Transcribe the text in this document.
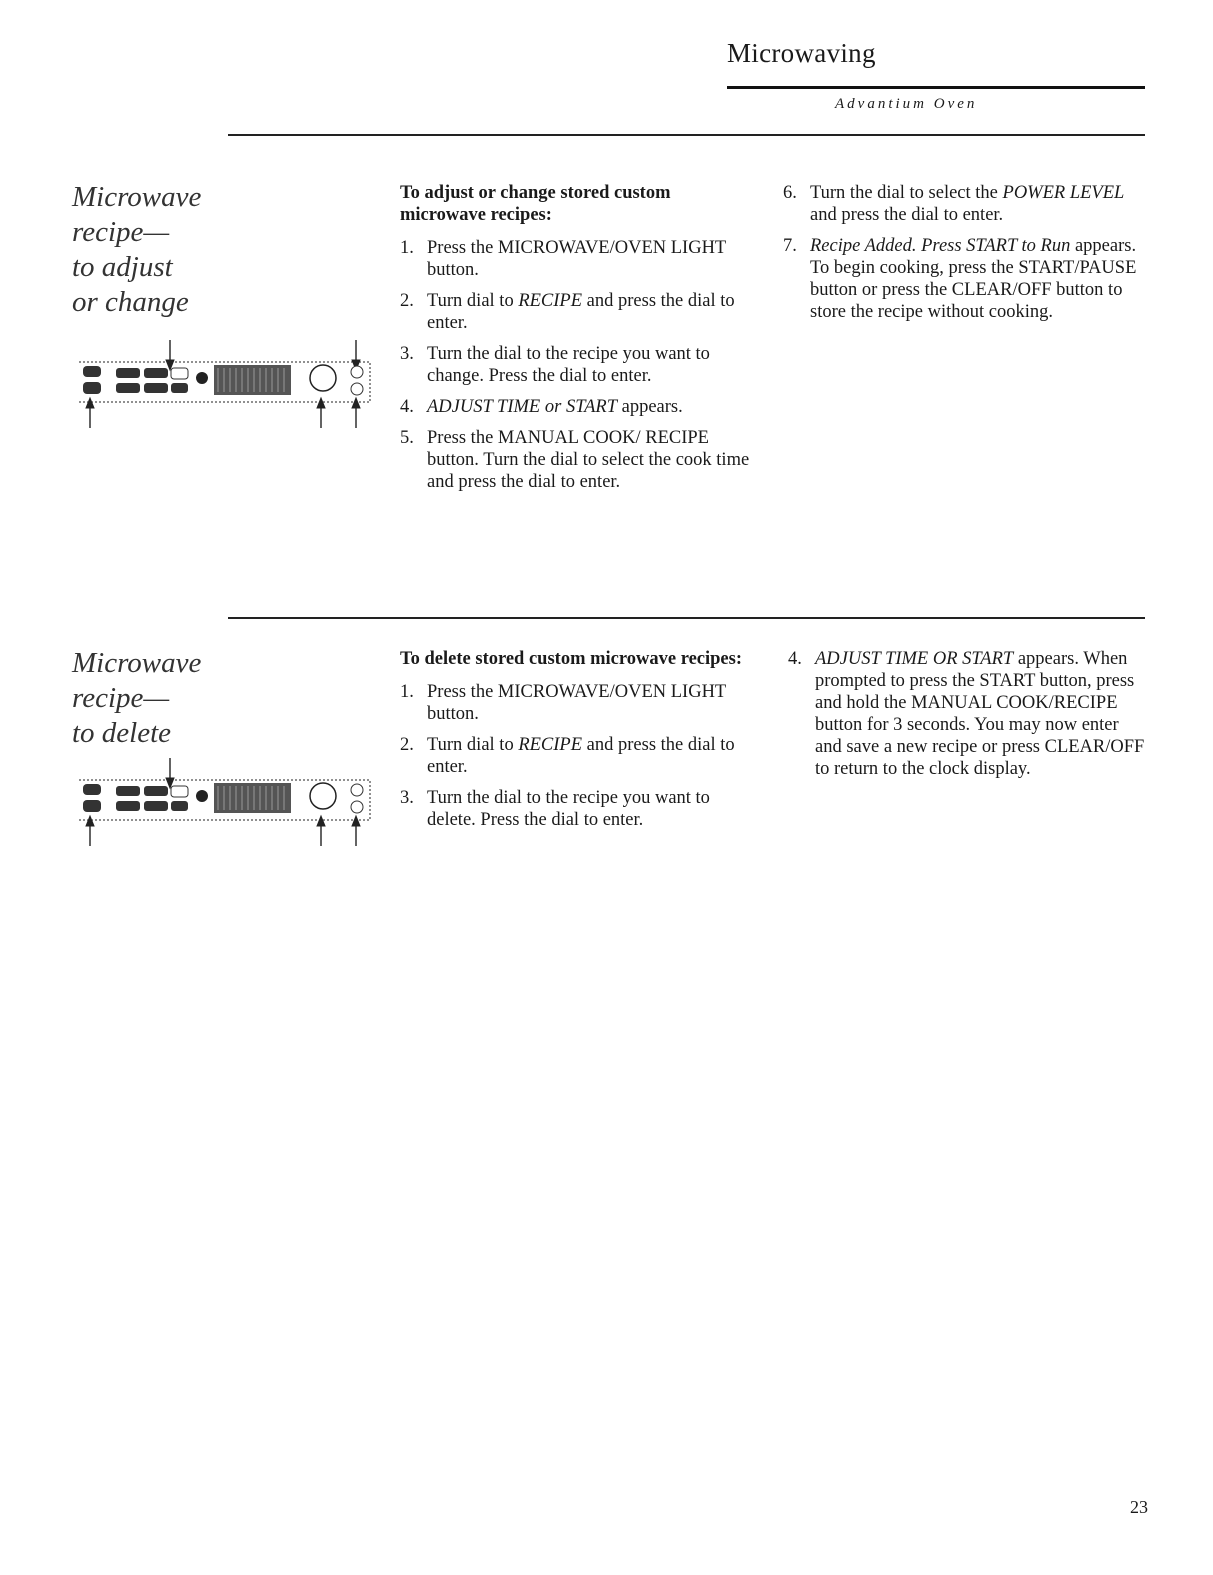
Microwaving
Advantium Oven
Microwave
recipe—
to adjust
or change
To adjust or change stored custom microwave recipes:
1. Press the MICROWAVE/OVEN LIGHT button.
2. Turn dial to RECIPE and press the dial to enter.
3. Turn the dial to the recipe you want to change. Press the dial to enter.
4. ADJUST TIME or START appears.
5. Press the MANUAL COOK/ RECIPE button. Turn the dial to select the cook time and press the dial to enter.
6. Turn the dial to select the POWER LEVEL and press the dial to enter.
7. Recipe Added. Press START to Run appears. To begin cooking, press the START/PAUSE button or press the CLEAR/OFF button to store the recipe without cooking.
Microwave
recipe—
to delete
To delete stored custom microwave recipes:
1. Press the MICROWAVE/OVEN LIGHT button.
2. Turn dial to RECIPE and press the dial to enter.
3. Turn the dial to the recipe you want to delete. Press the dial to enter.
4. ADJUST TIME OR START appears. When prompted to press the START button, press and hold the MANUAL COOK/RECIPE button for 3 seconds. You may now enter and save a new recipe or press CLEAR/OFF to return to the clock display.
23
